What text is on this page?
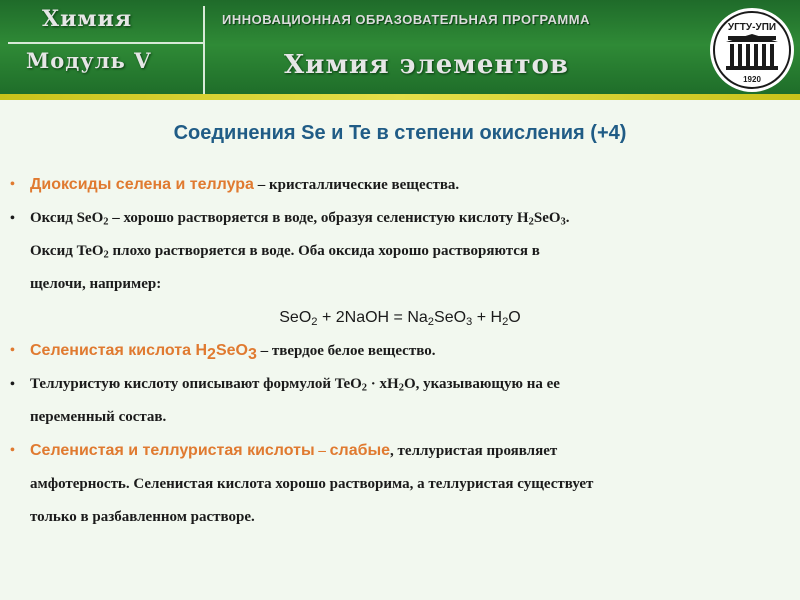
Химия
Модуль V
ИННОВАЦИОННАЯ ОБРАЗОВАТЕЛЬНАЯ ПРОГРАММА
Химия элементов
УГТУ-УПИ
1920
Соединения Se и Te в степени окисления (+4)

• Диоксиды селена и теллура – кристаллические вещества.

• Оксид SeO$_2$ – хорошо растворяется в воде, образуя селенистую кислоту $H_2SeO_3$.

Оксид TeO$_2$ плохо растворяется в воде. Оба оксида хорошо растворяются в

щелочи, например:

SeO$_2$ + 2NaOH = $Na_2SeO_3 + H_2O$

• Селенистая кислота $H_2SeO_3$ – твердое белое вещество.

• Теллуристую кислоту описывают формулой $TeO_2 \cdot xH_2O$, указывающую на ее

переменный состав.

• Селенистая и теллуристая кислоты – слабые, теллуристая проявляет

амфотерность. Селенистая кислота хорошо растворима, а теллуристая существует

только в разбавленном растворе.
